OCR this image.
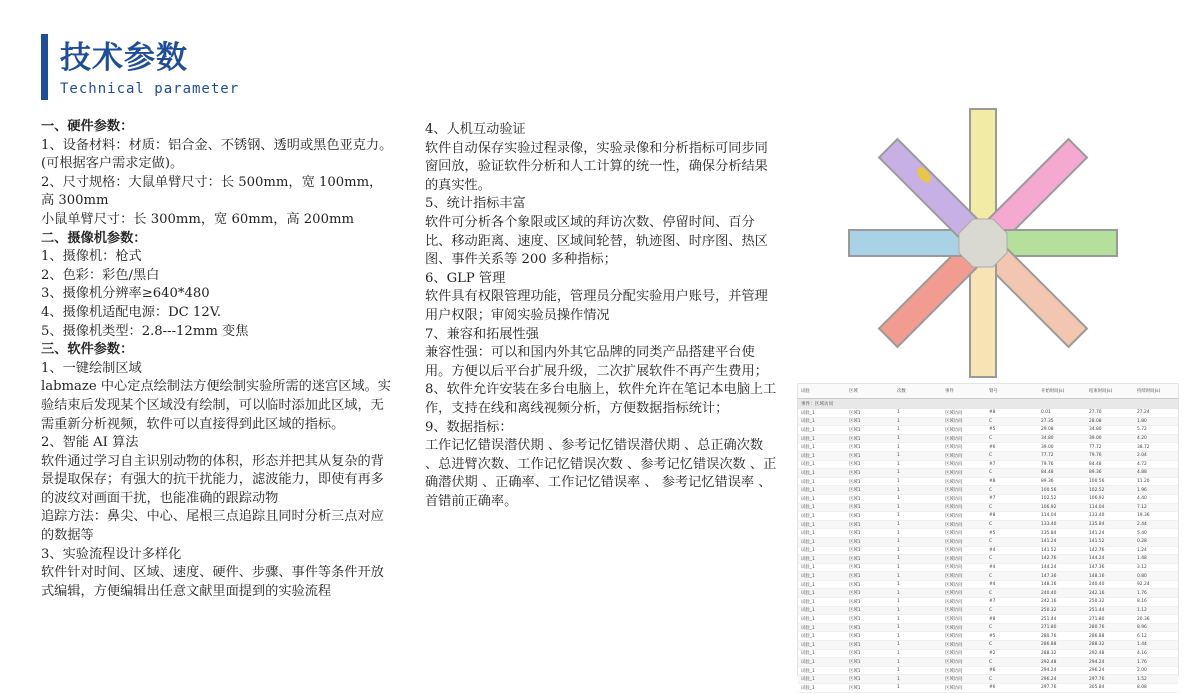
技术参数
Technical parameter

一、硬件参数：

1、设备材料：材质：铝合金、不锈钢、透明或黑色亚克力。(可根据客户需求定做)。

2、尺寸规格：大鼠单臂尺寸：长 500mm，宽 100mm，高 300mm

小鼠单臂尺寸：长 300mm，宽 60mm，高 200mm

二、摄像机参数：

1、摄像机：枪式

2、色彩：彩色/黑白

3、摄像机分辨率≥640*480

4、摄像机适配电源：DC 12V.

5、摄像机类型：2.8---12mm 变焦

三、软件参数：

1、一键绘制区域

labmaze 中心定点绘制法方便绘制实验所需的迷宫区域。实验结束后发现某个区域没有绘制，可以临时添加此区域，无需重新分析视频，软件可以直接得到此区域的指标。

2、智能 AI 算法

软件通过学习自主识别动物的体积，形态并把其从复杂的背景提取保存；有强大的抗干扰能力，滤波能力，即使有再多的波纹对画面干扰，也能准确的跟踪动物

追踪方法：鼻尖、中心、尾根三点追踪且同时分析三点对应的数据等

3、实验流程设计多样化

软件针对时间、区域、速度、硬件、步骤、事件等条件开放式编辑，方便编辑出任意文献里面提到的实验流程

4、人机互动验证

软件自动保存实验过程录像，实验录像和分析指标可同步同窗回放，验证软件分析和人工计算的统一性，确保分析结果的真实性。

5、统计指标丰富

软件可分析各个象限或区域的拜访次数、停留时间、百分比、移动距离、速度、区域间轮替，轨迹图、时序图、热区图、事件关系等 200 多种指标；

6、GLP 管理

软件具有权限管理功能，管理员分配实验用户账号，并管理用户权限；审阅实验员操作情况

7、兼容和拓展性强

兼容性强：可以和国内外其它品牌的同类产品搭建平台使用。方便以后平台扩展升级，二次扩展软件不再产生费用；

8、软件允许安装在多台电脑上，软件允许在笔记本电脑上工作，支持在线和离线视频分析，方便数据指标统计；

9、数据指标：

工作记忆错误潜伏期 、参考记忆错误潜伏期 、总正确次数 、总进臂次数、工作记忆错误次数 、参考记忆错误次数 、正确潜伏期 、正确率、工作记忆错误率 、 参考记忆错误率 、首错前正确率。

试验	区域	次数	事件	臂号	开始时间(s)	结束时间(s)	持续时间(s)
事件：区域访问
试验_1	区域1	1	区域访问	#8	0.01	27.70	27.24
试验_1	区域1	1	区域访问	C	27.35	28.08	1.80
试验_1	区域1	1	区域访问	#5	29.08	34.80	5.72
试验_1	区域1	1	区域访问	C	34.80	39.00	4.20
试验_1	区域1	1	区域访问	#6	39.00	77.72	38.72
试验_1	区域1	1	区域访问	C	77.72	79.76	2.04
试验_1	区域1	1	区域访问	#7	79.76	84.48	4.72
试验_1	区域1	1	区域访问	C	84.48	89.36	4.88
试验_1	区域1	1	区域访问	#8	89.36	100.56	11.20
试验_1	区域1	1	区域访问	C	100.56	102.52	1.96
试验_1	区域1	1	区域访问	#7	102.52	106.92	4.40
试验_1	区域1	1	区域访问	C	106.92	114.04	7.12
试验_1	区域1	1	区域访问	#8	114.04	133.40	19.36
试验_1	区域1	1	区域访问	C	133.40	135.84	2.44
试验_1	区域1	1	区域访问	#5	135.84	141.24	5.40
试验_1	区域1	1	区域访问	C	141.24	141.52	0.28
试验_1	区域1	1	区域访问	#4	141.52	142.76	1.24
试验_1	区域1	1	区域访问	C	142.76	144.24	1.48
试验_1	区域1	1	区域访问	#4	144.24	147.36	3.12
试验_1	区域1	1	区域访问	C	147.36	148.16	0.80
试验_1	区域1	1	区域访问	#4	148.16	240.40	92.24
试验_1	区域1	1	区域访问	C	240.40	242.16	1.76
试验_1	区域1	1	区域访问	#7	242.16	250.32	8.16
试验_1	区域1	1	区域访问	C	250.32	251.44	1.12
试验_1	区域1	1	区域访问	#8	251.44	271.80	20.36
试验_1	区域1	1	区域访问	C	271.80	280.76	8.96
试验_1	区域1	1	区域访问	#5	280.76	286.88	6.12
试验_1	区域1	1	区域访问	C	286.88	288.32	1.44
试验_1	区域1	1	区域访问	#2	288.32	292.48	4.16
试验_1	区域1	1	区域访问	C	292.48	294.24	1.76
试验_1	区域1	1	区域访问	#6	294.24	296.24	2.00
试验_1	区域1	1	区域访问	C	296.24	297.76	1.52
试验_1	区域1	1	区域访问	#6	297.76	305.84	8.08
